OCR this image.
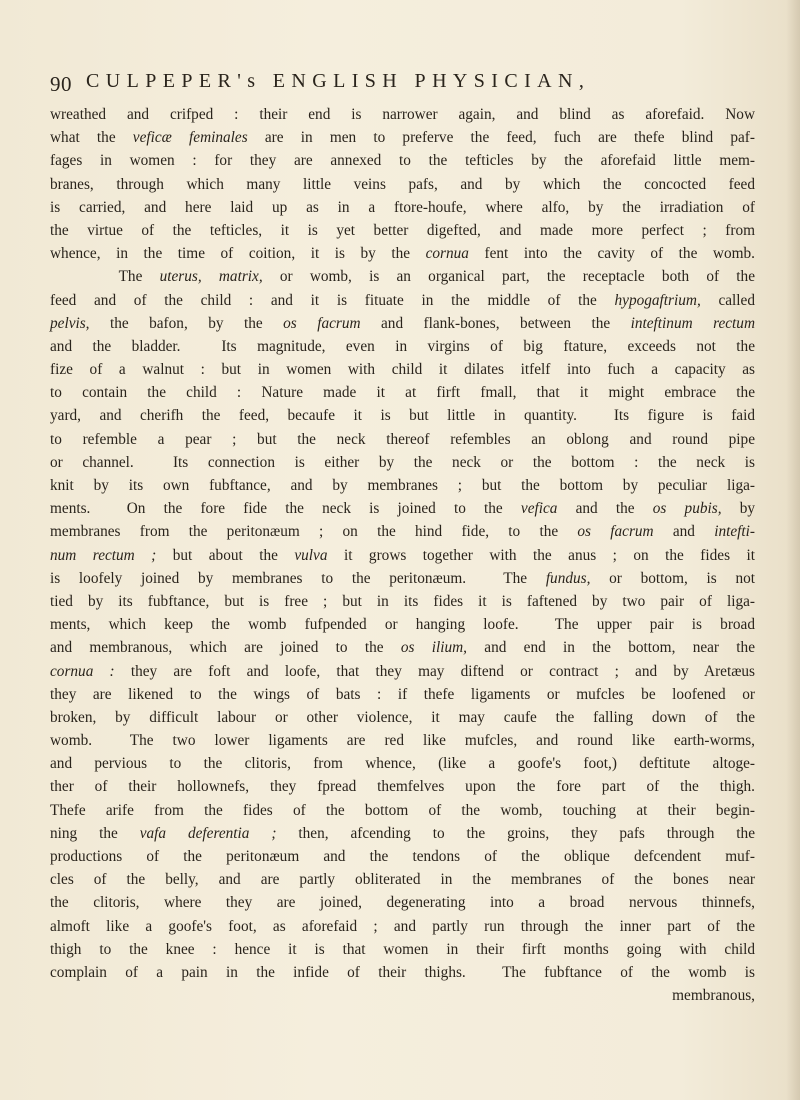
90 CULPEPER's ENGLISH PHYSICIAN,
wreathed and crifped : their end is narrower again, and blind as aforefaid. Now
what the veficæ feminales are in men to preferve the feed, fuch are thefe blind paf-
fages in women : for they are annexed to the tefticles by the aforefaid little mem-
branes, through which many little veins pafs, and by which the concocted feed
is carried, and here laid up as in a ftore-houfe, where alfo, by the irradiation of
the virtue of the tefticles, it is yet better digefted, and made more perfect ; from
whence, in the time of coition, it is by the cornua fent into the cavity of the womb.
The uterus, matrix, or womb, is an organical part, the receptacle both of the
feed and of the child : and it is fituate in the middle of the hypogaftrium, called
pelvis, the bafon, by the os facrum and flank-bones, between the inteftinum rectum
and the bladder.  Its magnitude, even in virgins of big ftature, exceeds not the
fize of a walnut : but in women with child it dilates itfelf into fuch a capacity as
to contain the child : Nature made it at firft fmall, that it might embrace the
yard, and cherifh the feed, becaufe it is but little in quantity.  Its figure is faid
to refemble a pear ; but the neck thereof refembles an oblong and round pipe
or channel.  Its connection is either by the neck or the bottom : the neck is
knit by its own fubftance, and by membranes ; but the bottom by peculiar liga-
ments.  On the fore fide the neck is joined to the vefica and the os pubis, by
membranes from the peritonæum ; on the hind fide, to the os facrum and intefti-
num rectum ; but about the vulva it grows together with the anus ; on the fides it
is loofely joined by membranes to the peritonæum.  The fundus, or bottom, is not
tied by its fubftance, but is free ; but in its fides it is faftened by two pair of liga-
ments, which keep the womb fufpended or hanging loofe.  The upper pair is broad
and membranous, which are joined to the os ilium, and end in the bottom, near the
cornua : they are foft and loofe, that they may diftend or contract ; and by Aretæus
they are likened to the wings of bats : if thefe ligaments or mufcles be loofened or
broken, by difficult labour or other violence, it may caufe the falling down of the
womb.  The two lower ligaments are red like mufcles, and round like earth-worms,
and pervious to the clitoris, from whence, (like a goofe's foot,) deftitute altoge-
ther of their hollownefs, they fpread themfelves upon the fore part of the thigh.
Thefe arife from the fides of the bottom of the womb, touching at their begin-
ning the vafa deferentia ; then, afcending to the groins, they pafs through the
productions of the peritonæum and the tendons of the oblique defcendent muf-
cles of the belly, and are partly obliterated in the membranes of the bones near
the clitoris, where they are joined, degenerating into a broad nervous thinnefs,
almoft like a goofe's foot, as aforefaid ; and partly run through the inner part of the
thigh to the knee : hence it is that women in their firft months going with child
complain of a pain in the infide of their thighs.  The fubftance of the womb is
membranous,
